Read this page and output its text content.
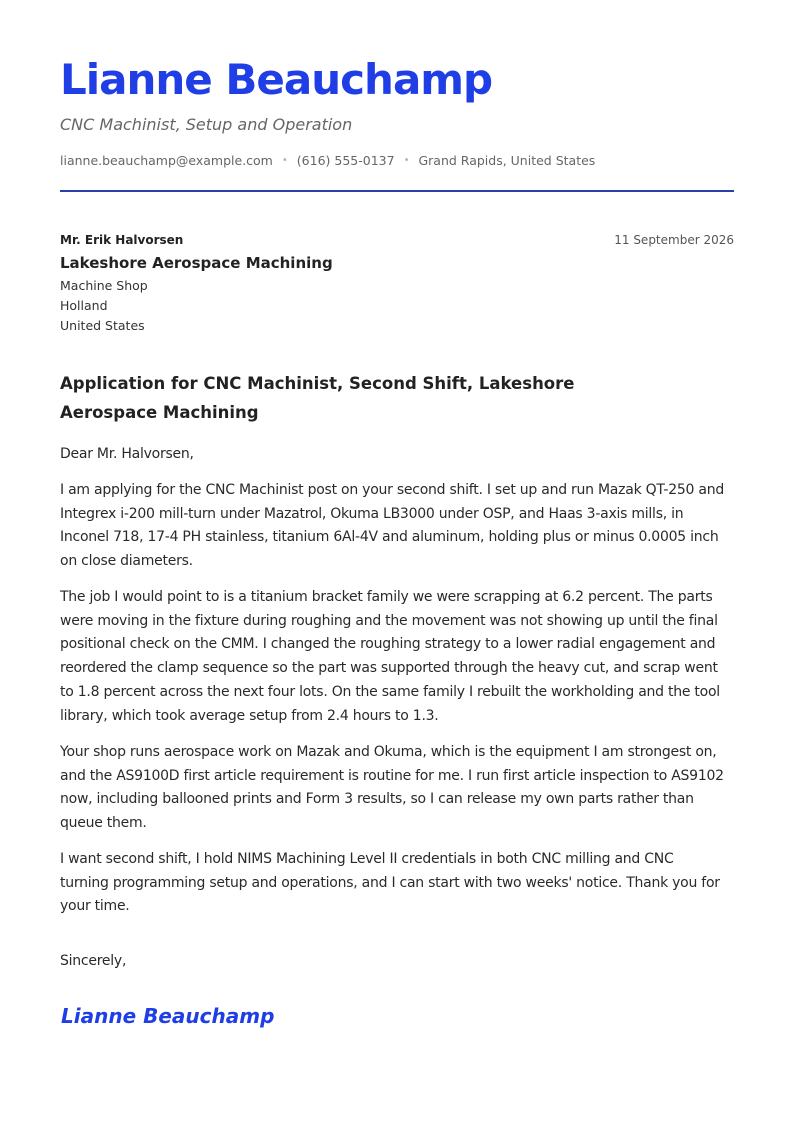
Lianne Beauchamp
CNC Machinist, Setup and Operation
lianne.beauchamp@example.com • (616) 555-0137 • Grand Rapids, United States
Mr. Erik Halvorsen	11 September 2026
Lakeshore Aerospace Machining
Machine Shop
Holland
United States
Application for CNC Machinist, Second Shift, Lakeshore Aerospace Machining
Dear Mr. Halvorsen,
I am applying for the CNC Machinist post on your second shift. I set up and run Mazak QT-250 and Integrex i-200 mill-turn under Mazatrol, Okuma LB3000 under OSP, and Haas 3-axis mills, in Inconel 718, 17-4 PH stainless, titanium 6Al-4V and aluminum, holding plus or minus 0.0005 inch on close diameters.
The job I would point to is a titanium bracket family we were scrapping at 6.2 percent. The parts were moving in the fixture during roughing and the movement was not showing up until the final positional check on the CMM. I changed the roughing strategy to a lower radial engagement and reordered the clamp sequence so the part was supported through the heavy cut, and scrap went to 1.8 percent across the next four lots. On the same family I rebuilt the workholding and the tool library, which took average setup from 2.4 hours to 1.3.
Your shop runs aerospace work on Mazak and Okuma, which is the equipment I am strongest on, and the AS9100D first article requirement is routine for me. I run first article inspection to AS9102 now, including ballooned prints and Form 3 results, so I can release my own parts rather than queue them.
I want second shift, I hold NIMS Machining Level II credentials in both CNC milling and CNC turning programming setup and operations, and I can start with two weeks' notice. Thank you for your time.
Sincerely,
Lianne Beauchamp
